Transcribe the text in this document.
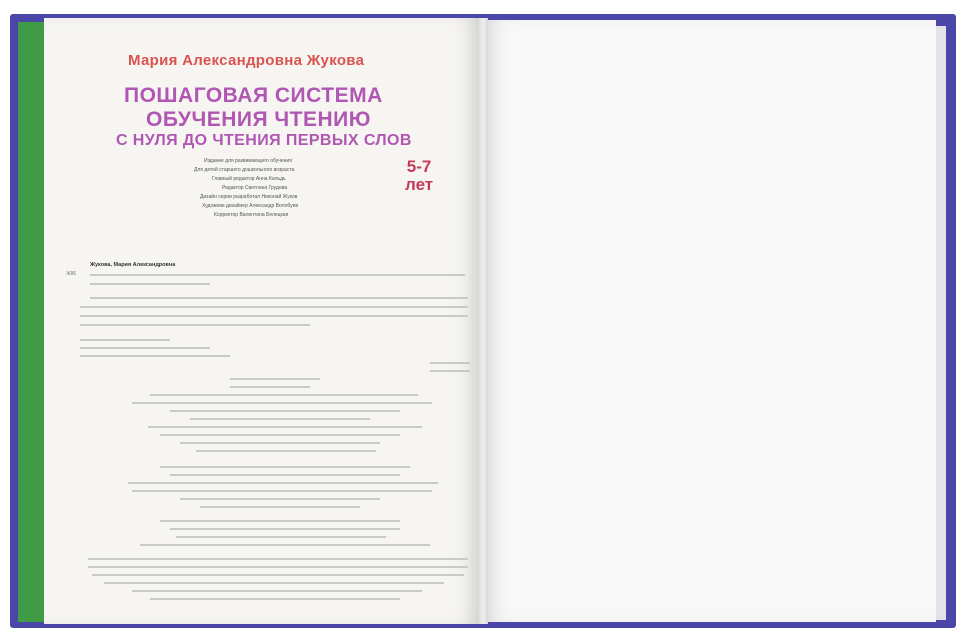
Мария Александровна Жукова
ПОШАГОВАЯ СИСТЕМА
ОБУЧЕНИЯ ЧТЕНИЮ
С НУЛЯ ДО ЧТЕНИЯ ПЕРВЫХ СЛОВ
5-7
лет
Издание для развивающего обучения
Для детей старшего дошкольного возраста
Главный редактор Анна Кальдь
Редактор Светлана Грудева
Дизайн серии разработал Николай Жуков
Художник-дизайнер Александр Волобуев
Корректор Валентина Белецкая
Жукова, Мария Александровна
Ж86
